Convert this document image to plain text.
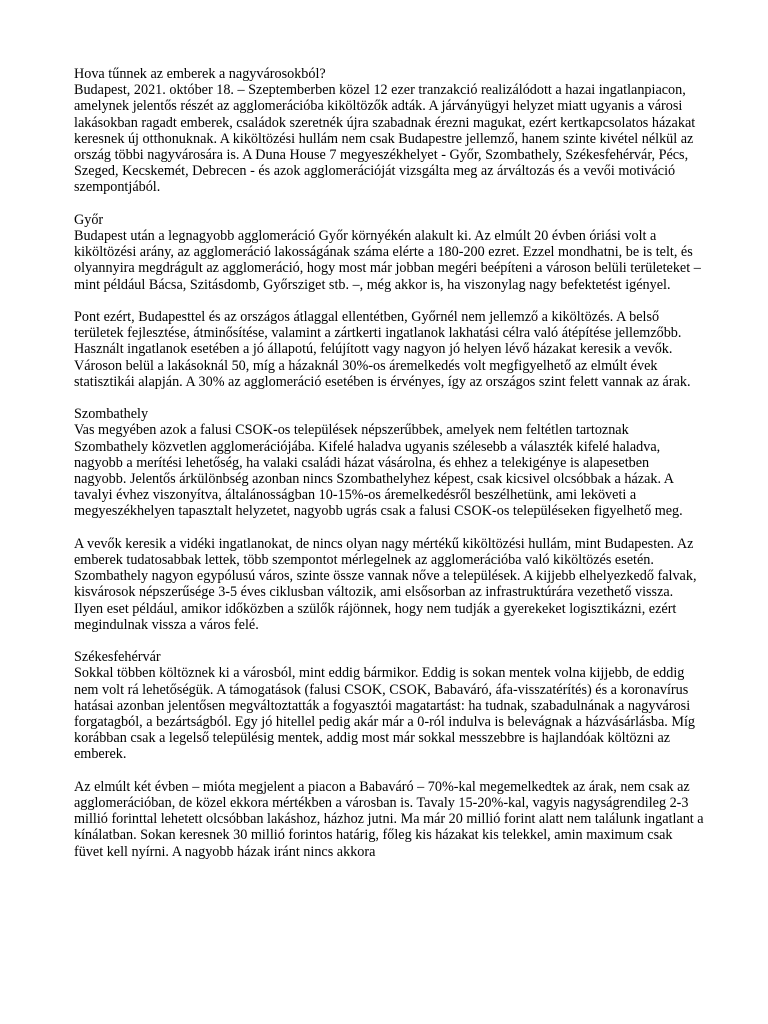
Hova tűnnek az emberek a nagyvárosokból?

Budapest, 2021. október 18. – Szeptemberben közel 12 ezer tranzakció realizálódott a hazai ingatlanpiacon, amelynek jelentős részét az agglomerációba kiköltözők adták. A járványügyi helyzet miatt ugyanis a városi lakásokban ragadt emberek, családok szeretnék újra szabadnak érezni magukat, ezért kertkapcsolatos házakat keresnek új otthonuknak. A kiköltözési hullám nem csak Budapestre jellemző, hanem szinte kivétel nélkül az ország többi nagyvárosára is. A Duna House 7 megyeszékhelyet - Győr, Szombathely, Székesfehérvár, Pécs, Szeged, Kecskemét, Debrecen - és azok agglomerációját vizsgálta meg az árváltozás és a vevői motiváció szempontjából.

Győr

Budapest után a legnagyobb agglomeráció Győr környékén alakult ki. Az elmúlt 20 évben óriási volt a kiköltözési arány, az agglomeráció lakosságának száma elérte a 180-200 ezret. Ezzel mondhatni, be is telt, és olyannyira megdrágult az agglomeráció, hogy most már jobban megéri beépíteni a városon belüli területeket – mint például Bácsa, Szitásdomb, Győrsziget stb. –, még akkor is, ha viszonylag nagy befektetést igényel.

Pont ezért, Budapesttel és az országos átlaggal ellentétben, Győrnél nem jellemző a kiköltözés. A belső területek fejlesztése, átminősítése, valamint a zártkerti ingatlanok lakhatási célra való átépítése jellemzőbb. Használt ingatlanok esetében a jó állapotú, felújított vagy nagyon jó helyen lévő házakat keresik a vevők. Városon belül a lakásoknál 50, míg a házaknál 30%-os áremelkedés volt megfigyelhető az elmúlt évek statisztikái alapján. A 30% az agglomeráció esetében is érvényes, így az országos szint felett vannak az árak.

Szombathely

Vas megyében azok a falusi CSOK-os települések népszerűbbek, amelyek nem feltétlen tartoznak Szombathely közvetlen agglomerációjába. Kifelé haladva ugyanis szélesebb a választék kifelé haladva, nagyobb a merítési lehetőség, ha valaki családi házat vásárolna, és ehhez a telekigénye is alapesetben nagyobb. Jelentős árkülönbség azonban nincs Szombathelyhez képest, csak kicsivel olcsóbbak a házak. A tavalyi évhez viszonyítva, általánosságban 10-15%-os áremelkedésről beszélhetünk, ami leköveti a megyeszékhelyen tapasztalt helyzetet, nagyobb ugrás csak a falusi CSOK-os településeken figyelhető meg.

A vevők keresik a vidéki ingatlanokat, de nincs olyan nagy mértékű kiköltözési hullám, mint Budapesten. Az emberek tudatosabbak lettek, több szempontot mérlegelnek az agglomerációba való kiköltözés esetén. Szombathely nagyon egypólusú város, szinte össze vannak nőve a települések. A kijjebb elhelyezkedő falvak, kisvárosok népszerűsége 3-5 éves ciklusban változik, ami elsősorban az infrastruktúrára vezethető vissza. Ilyen eset például, amikor időközben a szülők rájönnek, hogy nem tudják a gyerekeket logisztikázni, ezért megindulnak vissza a város felé.

Székesfehérvár

Sokkal többen költöznek ki a városból, mint eddig bármikor. Eddig is sokan mentek volna kijjebb, de eddig nem volt rá lehetőségük. A támogatások (falusi CSOK, CSOK, Babaváró, áfa-visszatérítés) és a koronavírus hatásai azonban jelentősen megváltoztatták a fogyasztói magatartást: ha tudnak, szabadulnának a nagyvárosi forgatagból, a bezártságból. Egy jó hitellel pedig akár már a 0-ról indulva is belevágnak a házvásárlásba. Míg korábban csak a legelső településig mentek, addig most már sokkal messzebbre is hajlandóak költözni az emberek.

Az elmúlt két évben – mióta megjelent a piacon a Babaváró – 70%-kal megemelkedtek az árak, nem csak az agglomerációban, de közel ekkora mértékben a városban is. Tavaly 15-20%-kal, vagyis nagyságrendileg 2-3 millió forinttal lehetett olcsóbban lakáshoz, házhoz jutni. Ma már 20 millió forint alatt nem találunk ingatlant a kínálatban. Sokan keresnek 30 millió forintos határig, főleg kis házakat kis telekkel, amin maximum csak füvet kell nyírni. A nagyobb házak iránt nincs akkora
